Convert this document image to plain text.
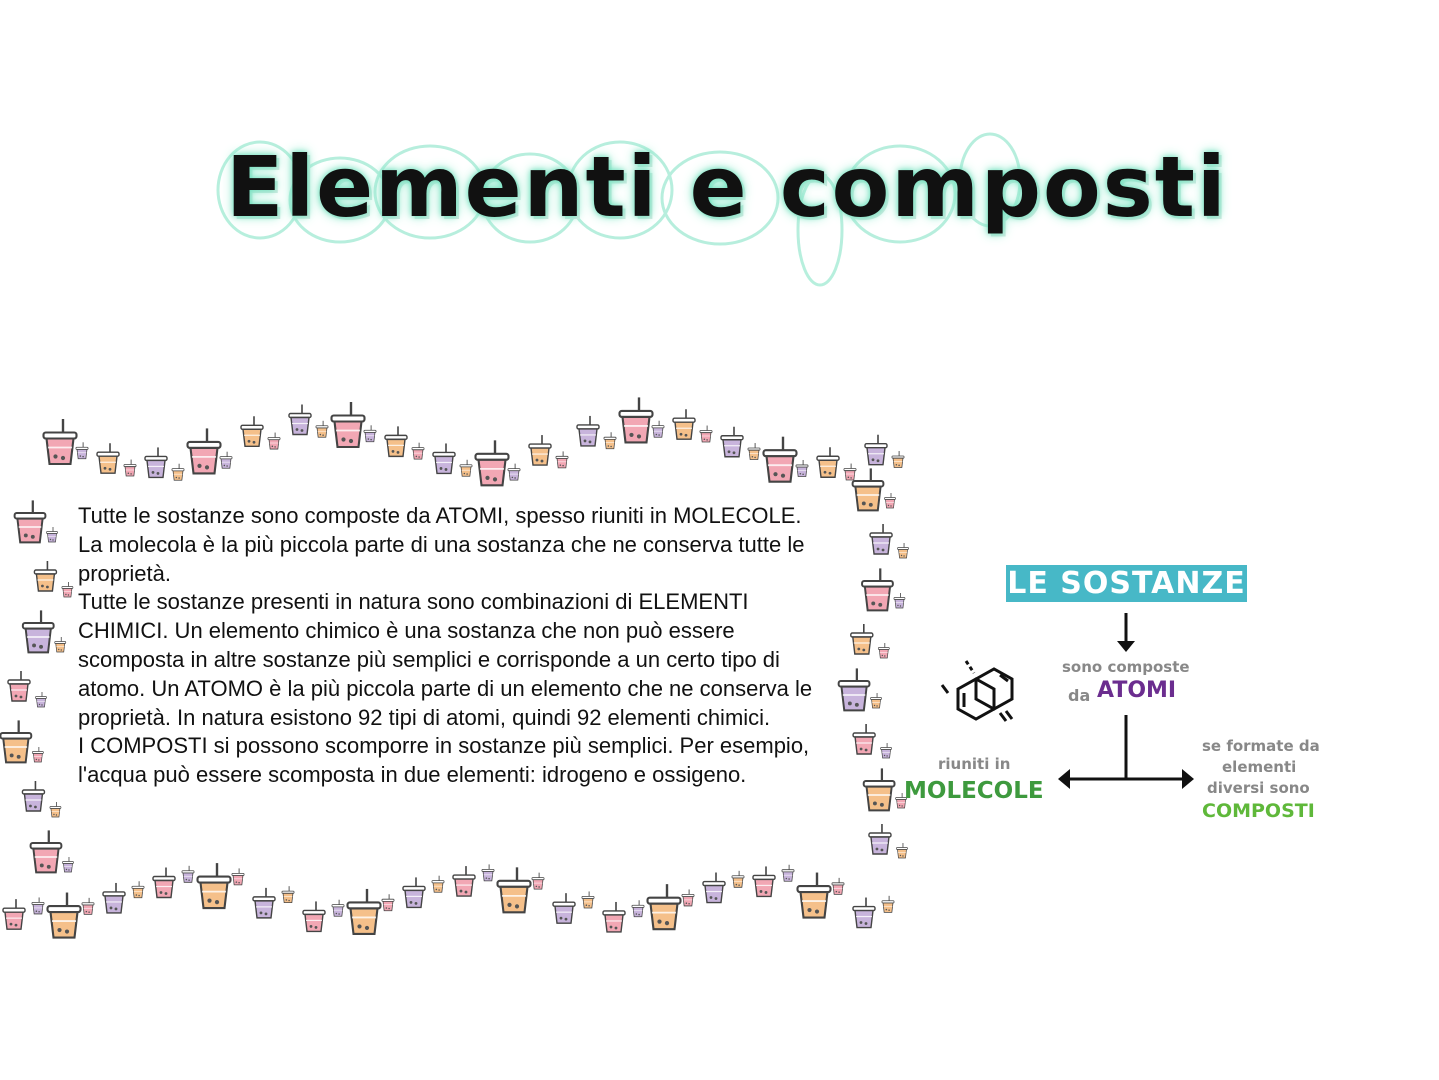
Elementi e composti

Tutte le sostanze sono composte da ATOMI, spesso riuniti in MOLECOLE.

La molecola è la più piccola parte di una sostanza che ne conserva tutte le proprietà.

Tutte le sostanze presenti in natura sono combinazioni di ELEMENTI CHIMICI. Un elemento chimico è una sostanza che non può essere scomposta in altre sostanze più semplici e corrisponde a un certo tipo di atomo. Un ATOMO è la più piccola parte di un elemento che ne conserva le proprietà. In natura esistono 92 tipi di atomi, quindi 92 elementi chimici.

I COMPOSTI si possono scomporre in sostanze più semplici. Per esempio, l'acqua può essere scomposta in due elementi: idrogeno e ossigeno.

LE SOSTANZE
sono composte
da ATOMI
riuniti in
MOLECOLE
se formate da
elementi
diversi sono
COMPOSTI
